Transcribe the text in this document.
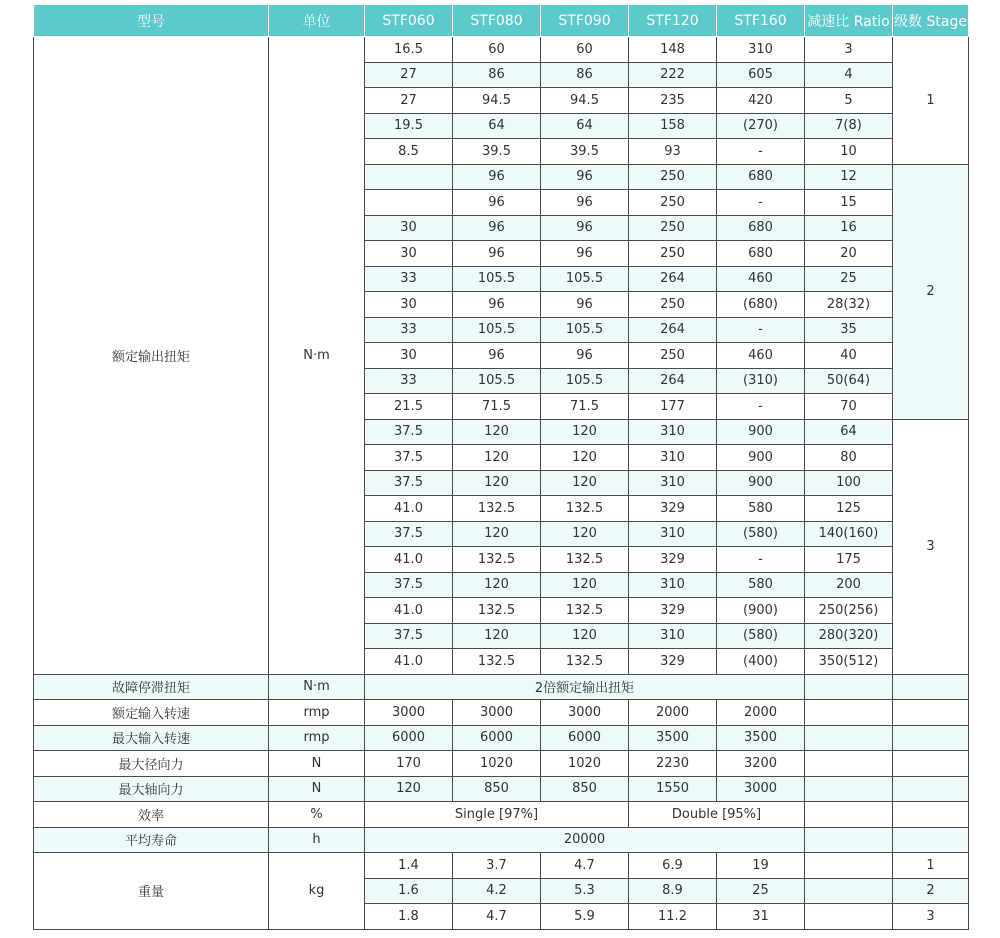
型号	单位	STF060	STF080	STF090	STF120	STF160	减速比 Ratio	级数 Stage
额定输出扭矩	N·m	16.5	60	60	148	310	3	1
		27	86	86	222	605	4	
		27	94.5	94.5	235	420	5	
		19.5	64	64	158	(270)	7(8)	
		8.5	39.5	39.5	93	-	10	
			96	96	250	680	12	2
			96	96	250	-	15	
		30	96	96	250	680	16	
		30	96	96	250	680	20	
		33	105.5	105.5	264	460	25	
		30	96	96	250	(680)	28(32)	
		33	105.5	105.5	264	-	35	
		30	96	96	250	460	40	
		33	105.5	105.5	264	(310)	50(64)	
		21.5	71.5	71.5	177	-	70	
		37.5	120	120	310	900	64	3
		37.5	120	120	310	900	80	
		37.5	120	120	310	900	100	
		41.0	132.5	132.5	329	580	125	
		37.5	120	120	310	(580)	140(160)	
		41.0	132.5	132.5	329	-	175	
		37.5	120	120	310	580	200	
		41.0	132.5	132.5	329	(900)	250(256)	
		37.5	120	120	310	(580)	280(320)	
		41.0	132.5	132.5	329	(400)	350(512)	
故障停滞扭矩	N·m	2倍额定输出扭矩						
额定输入转速	rmp	3000	3000	3000	2000	2000		
最大输入转速	rmp	6000	6000	6000	3500	3500		
最大径向力	N	170	1020	1020	2230	3200		
最大轴向力	N	120	850	850	1550	3000		
效率	%	Single [97%]			Double [95%]			
平均寿命	h	20000						
重量	kg	1.4	3.7	4.7	6.9	19		1
		1.6	4.2	5.3	8.9	25		2
		1.8	4.7	5.9	11.2	31		3
